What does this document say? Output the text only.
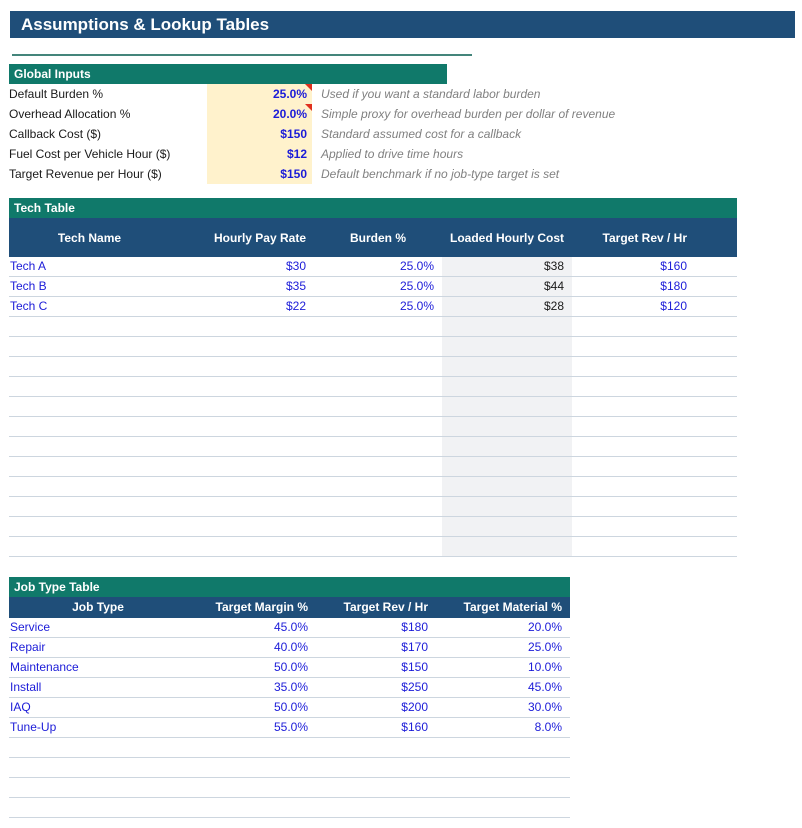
Assumptions & Lookup Tables
Global Inputs
Default Burden %	25.0%	Used if you want a standard labor burden
Overhead Allocation %	20.0%	Simple proxy for overhead burden per dollar of revenue
Callback Cost ($)	$150	Standard assumed cost for a callback
Fuel Cost per Vehicle Hour ($)	$12	Applied to drive time hours
Target Revenue per Hour ($)	$150	Default benchmark if no job-type target is set
Tech Table
Tech Name	Hourly Pay Rate	Burden %	Loaded Hourly Cost	Target Rev / Hr
Tech A	$30	25.0%	$38	$160
Tech B	$35	25.0%	$44	$180
Tech C	$22	25.0%	$28	$120
Job Type Table
Job Type	Target Margin %	Target Rev / Hr	Target Material %
Service	45.0%	$180	20.0%
Repair	40.0%	$170	25.0%
Maintenance	50.0%	$150	10.0%
Install	35.0%	$250	45.0%
IAQ	50.0%	$200	30.0%
Tune-Up	55.0%	$160	8.0%
